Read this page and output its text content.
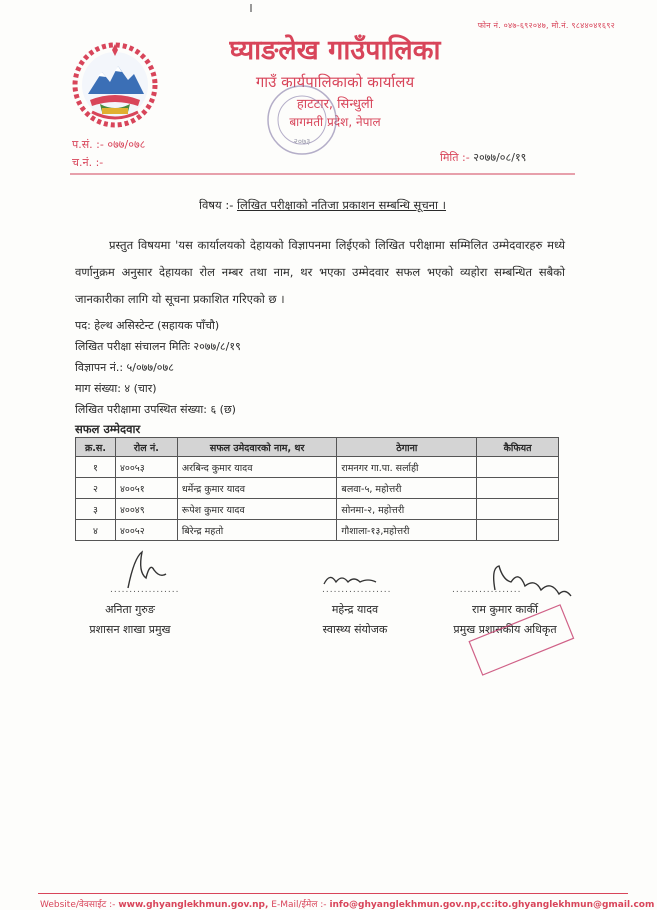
फोन नं. ०४७-६९२०४७, मो.नं. ९८४४०४१६९२
घ्याङलेख गाउँपालिका
गाउँ कार्यपालिकाको कार्यालय
हाटटार, सिन्धुली
बागमती प्रदेश, नेपाल
२०७३
प.सं. :- ०७७/०७८
च.नं. :-	मिति :- २०७७/०८/१९
विषय :- लिखित परीक्षाको नतिजा प्रकाशन सम्बन्धि सूचना ।
प्रस्तुत विषयमा 'यस कार्यालयको देहायको विज्ञापनमा लिईएको लिखित परीक्षामा सम्मिलित उम्मेदवारहरु मध्ये वर्णानुक्रम अनुसार देहायका रोल नम्बर तथा नाम, थर भएका उम्मेदवार सफल भएको व्यहोरा सम्बन्धित सबैको जानकारीका लागि यो सूचना प्रकाशित गरिएको छ ।
पद: हेल्थ असिस्टेन्ट (सहायक पाँचौ)
लिखित परीक्षा संचालन मितिः २०७७/८/१९
विज्ञापन नं.: ५/०७७/०७८
माग संख्या: ४ (चार)
लिखित परीक्षामा उपस्थित संख्या: ६ (छ)
सफल उम्मेदवार
क्र.स.	रोल नं.	सफल उमेदवारको नाम, थर	ठेगाना	कैफियत
१	४००५३	अरबिन्द कुमार यादव	रामनगर गा.पा. सर्लाही	
२	४००५१	धर्मेन्द्र कुमार यादव	बलवा-५, महोत्तरी	
३	४००४९	रूपेश कुमार यादव	सोनमा-२, महोत्तरी	
४	४००५२	बिरेन्द्र महतो	गौशाला-१३,महोत्तरी	
..................
अनिता गुरुङ
प्रशासन शाखा प्रमुख
..................
महेन्द्र यादव
स्वास्थ्य संयोजक
..................
राम कुमार कार्की
प्रमुख प्रशासकीय अधिकृत
Website/वेवसाईट :- www.ghyanglekhmun.gov.np, E-Mail/ईमेल :- info@ghyanglekhmun.gov.np,cc:ito.ghyanglekhmun@gmail.com
